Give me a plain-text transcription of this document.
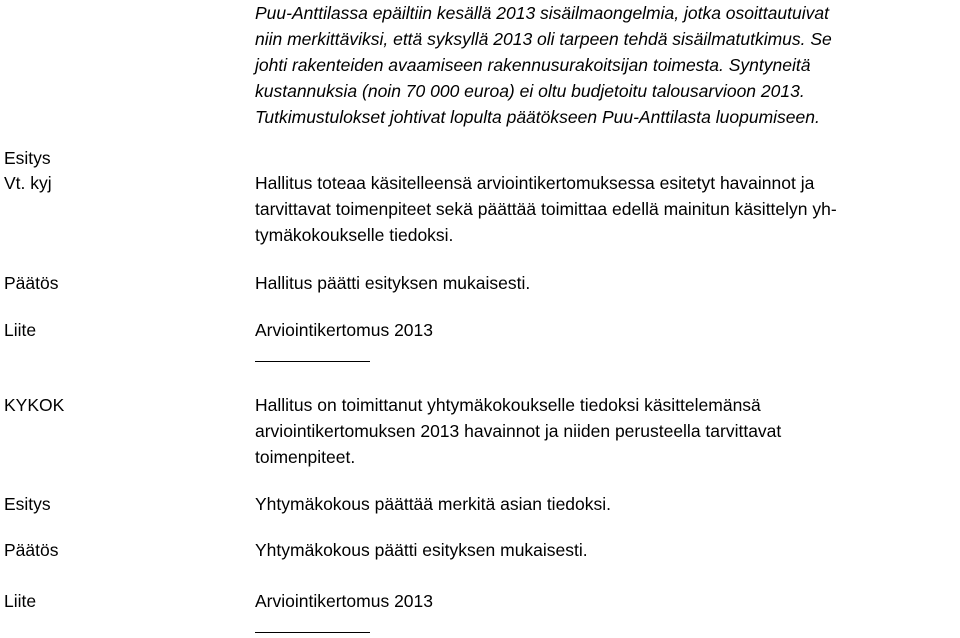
Puu-Anttilassa epäiltiin kesällä 2013 sisäilmaongelmia, jotka osoittautuivat
niin merkittäviksi, että syksyllä 2013 oli tarpeen tehdä sisäilmatutkimus. Se
johti rakenteiden avaamiseen rakennusurakoitsijan toimesta. Syntyneitä
kustannuksia (noin 70 000 euroa) ei oltu budjetoitu talousarvioon 2013.
Tutkimustulokset johtivat lopulta päätökseen Puu-Anttilasta luopumiseen.
Esitys
Vt. kyj	Hallitus toteaa käsitelleensä arviointikertomuksessa esitetyt havainnot ja
tarvittavat toimenpiteet sekä päättää toimittaa edellä mainitun käsittelyn yh-
tymäkokoukselle tiedoksi.
Päätös	Hallitus päätti esityksen mukaisesti.
Liite	Arviointikertomus 2013
KYKOK	Hallitus on toimittanut yhtymäkokoukselle tiedoksi käsittelemänsä
arviointikertomuksen 2013 havainnot ja niiden perusteella tarvittavat
toimenpiteet.
Esitys	Yhtymäkokous päättää merkitä asian tiedoksi.
Päätös	Yhtymäkokous päätti esityksen mukaisesti.
Liite	Arviointikertomus 2013
